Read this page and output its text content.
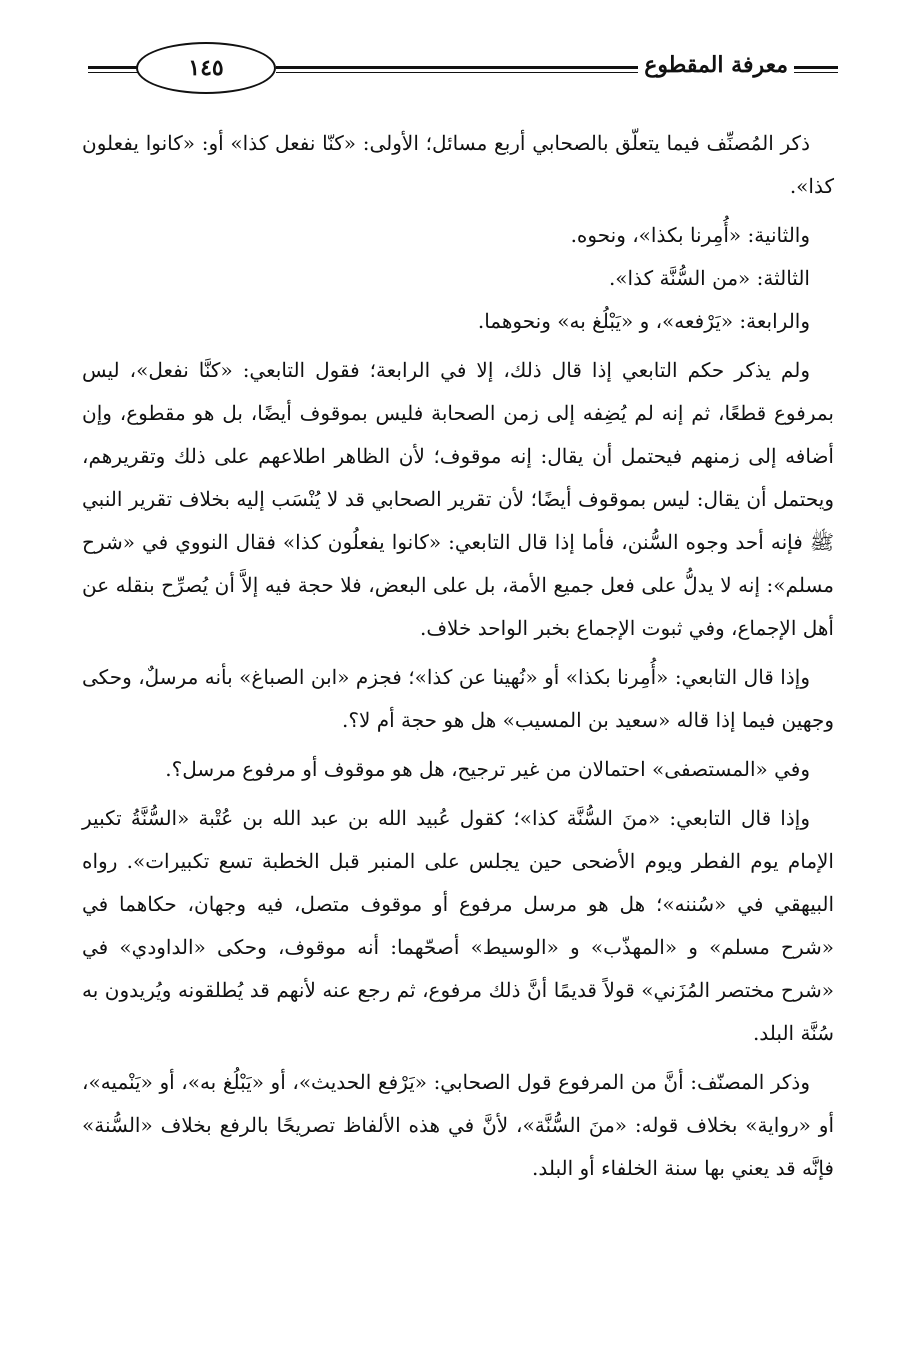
١٤٥	معرفة المقطوع

ذكر المُصنِّف فيما يتعلّق بالصحابي أربع مسائل؛ الأولى: «كنّا نفعل كذا» أو: «كانوا يفعلون كذا».

والثانية: «أُمِرنا بكذا»، ونحوه.

الثالثة: «من السُّنَّة كذا».

والرابعة: «يَرْفعه»، و «يَبْلُغ به» ونحوهما.

ولم يذكر حكم التابعي إذا قال ذلك، إلا في الرابعة؛ فقول التابعي: «كنَّا نفعل»، ليس بمرفوع قطعًا، ثم إنه لم يُضِفه إلى زمن الصحابة فليس بموقوف أيضًا، بل هو مقطوع، وإن أضافه إلى زمنهم فيحتمل أن يقال: إنه موقوف؛ لأن الظاهر اطلاعهم على ذلك وتقريرهم، ويحتمل أن يقال: ليس بموقوف أيضًا؛ لأن تقرير الصحابي قد لا يُنْسَب إليه بخلاف تقرير النبي ﷺ فإنه أحد وجوه السُّنن، فأما إذا قال التابعي: «كانوا يفعلُون كذا» فقال النووي في «شرح مسلم»: إنه لا يدلُّ على فعل جميع الأمة، بل على البعض، فلا حجة فيه إلاَّ أن يُصرِّح بنقله عن أهل الإجماع، وفي ثبوت الإجماع بخبر الواحد خلاف.

وإذا قال التابعي: «أُمِرنا بكذا» أو «نُهينا عن كذا»؛ فجزم «ابن الصباغ» بأنه مرسلٌ، وحكى وجهين فيما إذا قاله «سعيد بن المسيب» هل هو حجة أم لا؟.

وفي «المستصفى» احتمالان من غير ترجيح، هل هو موقوف أو مرفوع مرسل؟.

وإذا قال التابعي: «منَ السُّنَّة كذا»؛ كقول عُبيد الله بن عبد الله بن عُتْبة «السُّنَّةُ تكبير الإمام يوم الفطر ويوم الأضحى حين يجلس على المنبر قبل الخطبة تسع تكبيرات». رواه البيهقي في «سُننه»؛ هل هو مرسل مرفوع أو موقوف متصل، فيه وجهان، حكاهما في «شرح مسلم» و «المهذّب» و «الوسيط» أصحّهما: أنه موقوف، وحكى «الداودي» في «شرح مختصر المُزَني» قولاً قديمًا أنَّ ذلك مرفوع، ثم رجع عنه لأنهم قد يُطلقونه ويُريدون به سُنَّة البلد.

وذكر المصنّف: أنَّ من المرفوع قول الصحابي: «يَرْفع الحديث»، أو «يَبْلُغ به»، أو «يَنْميه»، أو «رواية» بخلاف قوله: «منَ السُّنَّة»، لأنَّ في هذه الألفاظ تصريحًا بالرفع بخلاف «السُّنة» فإنَّه قد يعني بها سنة الخلفاء أو البلد.
